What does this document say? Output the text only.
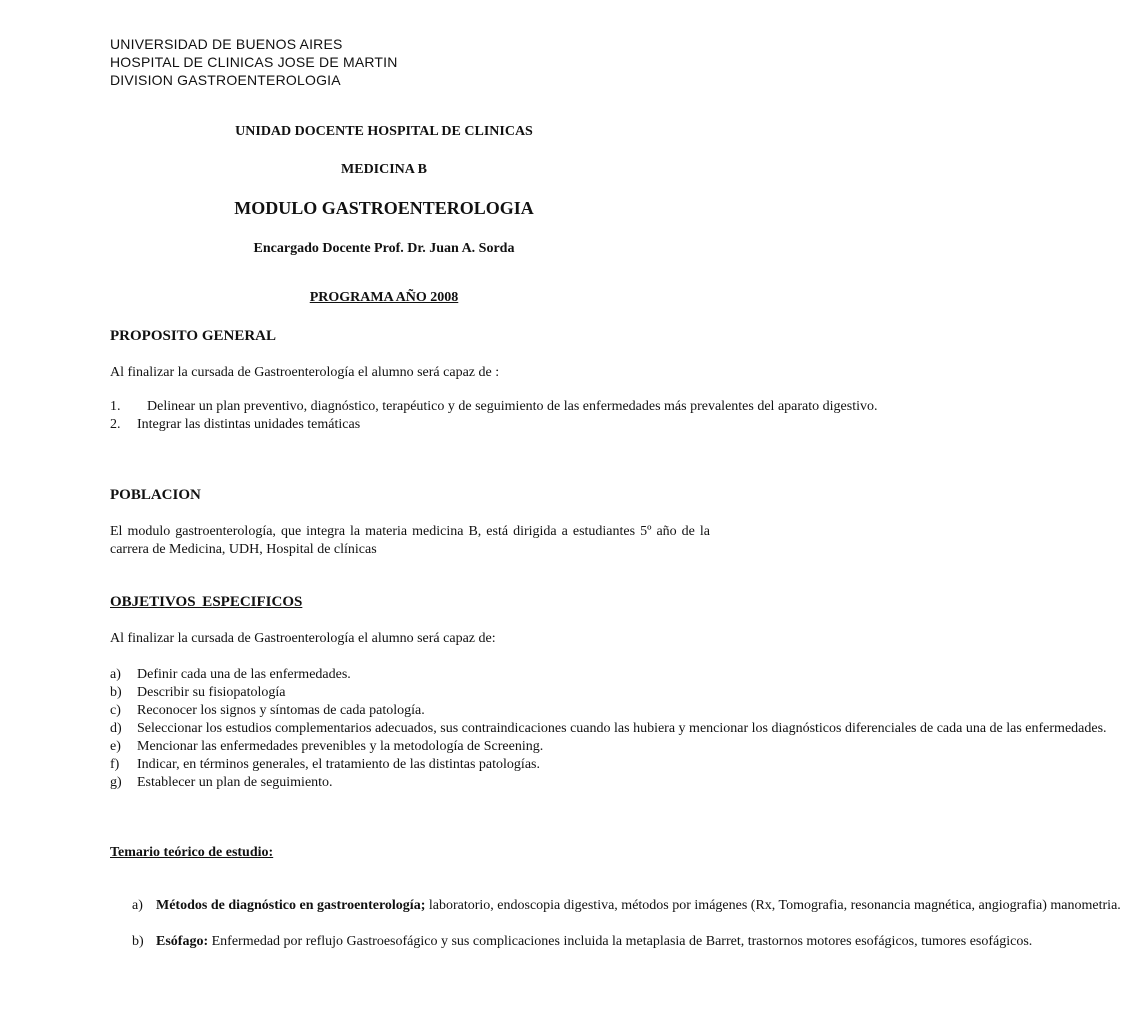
UNIVERSIDAD DE BUENOS AIRES
HOSPITAL DE CLINICAS JOSE DE MARTIN
DIVISION GASTROENTEROLOGIA
UNIDAD DOCENTE HOSPITAL DE CLINICAS
MEDICINA B
MODULO GASTROENTEROLOGIA
Encargado Docente Prof. Dr. Juan A. Sorda
PROGRAMA AÑO 2008
PROPOSITO GENERAL
Al finalizar la cursada de Gastroenterología el alumno será capaz de :
1.	Delinear un plan preventivo, diagnóstico, terapéutico y de seguimiento de las enfermedades más prevalentes del aparato digestivo.
2. Integrar las distintas unidades temáticas
POBLACION
El modulo gastroenterología, que integra la materia medicina B, está dirigida a estudiantes 5º año de la carrera de Medicina, UDH, Hospital de clínicas
OBJETIVOS ESPECIFICOS
Al finalizar la cursada de Gastroenterología el alumno será capaz de:
a) Definir cada una de las enfermedades.
b) Describir su fisiopatología
c) Reconocer los signos y síntomas de cada patología.
d) Seleccionar los estudios complementarios adecuados, sus contraindicaciones cuando las hubiera y mencionar los diagnósticos diferenciales de cada una de las enfermedades.
e) Mencionar las enfermedades prevenibles y la metodología de Screening.
f) Indicar, en términos generales, el tratamiento de las distintas patologías.
g) Establecer un plan de seguimiento.
Temario teórico de estudio:
a) Métodos de diagnóstico en gastroenterología; laboratorio, endoscopia digestiva, métodos por imágenes (Rx, Tomografia, resonancia magnética, angiografia) manometria.
b) Esófago: Enfermedad por reflujo Gastroesofágico y sus complicaciones incluida la metaplasia de Barret, trastornos motores esofágicos, tumores esofágicos.
